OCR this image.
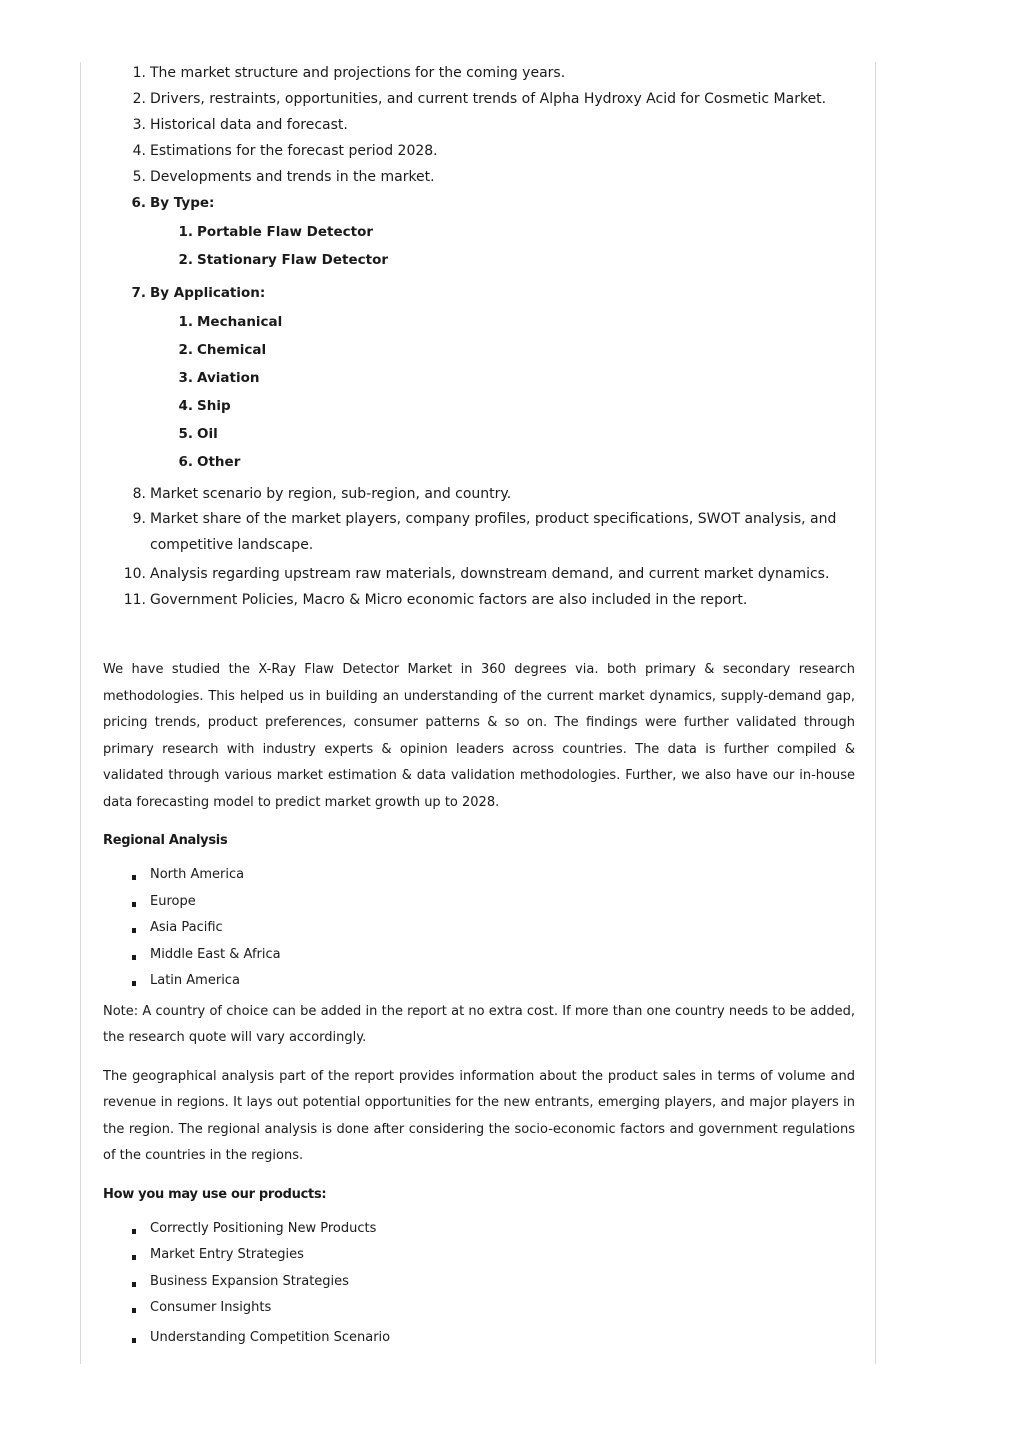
1. The market structure and projections for the coming years.
2. Drivers, restraints, opportunities, and current trends of Alpha Hydroxy Acid for Cosmetic Market.
3. Historical data and forecast.
4. Estimations for the forecast period 2028.
5. Developments and trends in the market.
6. By Type:
1. Portable Flaw Detector
2. Stationary Flaw Detector
7. By Application:
1. Mechanical
2. Chemical
3. Aviation
4. Ship
5. Oil
6. Other
8. Market scenario by region, sub-region, and country.
9. Market share of the market players, company profiles, product specifications, SWOT analysis, and competitive landscape.
10. Analysis regarding upstream raw materials, downstream demand, and current market dynamics.
11. Government Policies, Macro & Micro economic factors are also included in the report.

We have studied the X-Ray Flaw Detector Market in 360 degrees via. both primary & secondary research methodologies. This helped us in building an understanding of the current market dynamics, supply-demand gap, pricing trends, product preferences, consumer patterns & so on. The findings were further validated through primary research with industry experts & opinion leaders across countries. The data is further compiled & validated through various market estimation & data validation methodologies. Further, we also have our in-house data forecasting model to predict market growth up to 2028.

Regional Analysis
North America
Europe
Asia Pacific
Middle East & Africa
Latin America

Note: A country of choice can be added in the report at no extra cost. If more than one country needs to be added, the research quote will vary accordingly.

The geographical analysis part of the report provides information about the product sales in terms of volume and revenue in regions. It lays out potential opportunities for the new entrants, emerging players, and major players in the region. The regional analysis is done after considering the socio-economic factors and government regulations of the countries in the regions.

How you may use our products:
Correctly Positioning New Products
Market Entry Strategies
Business Expansion Strategies
Consumer Insights
Understanding Competition Scenario
